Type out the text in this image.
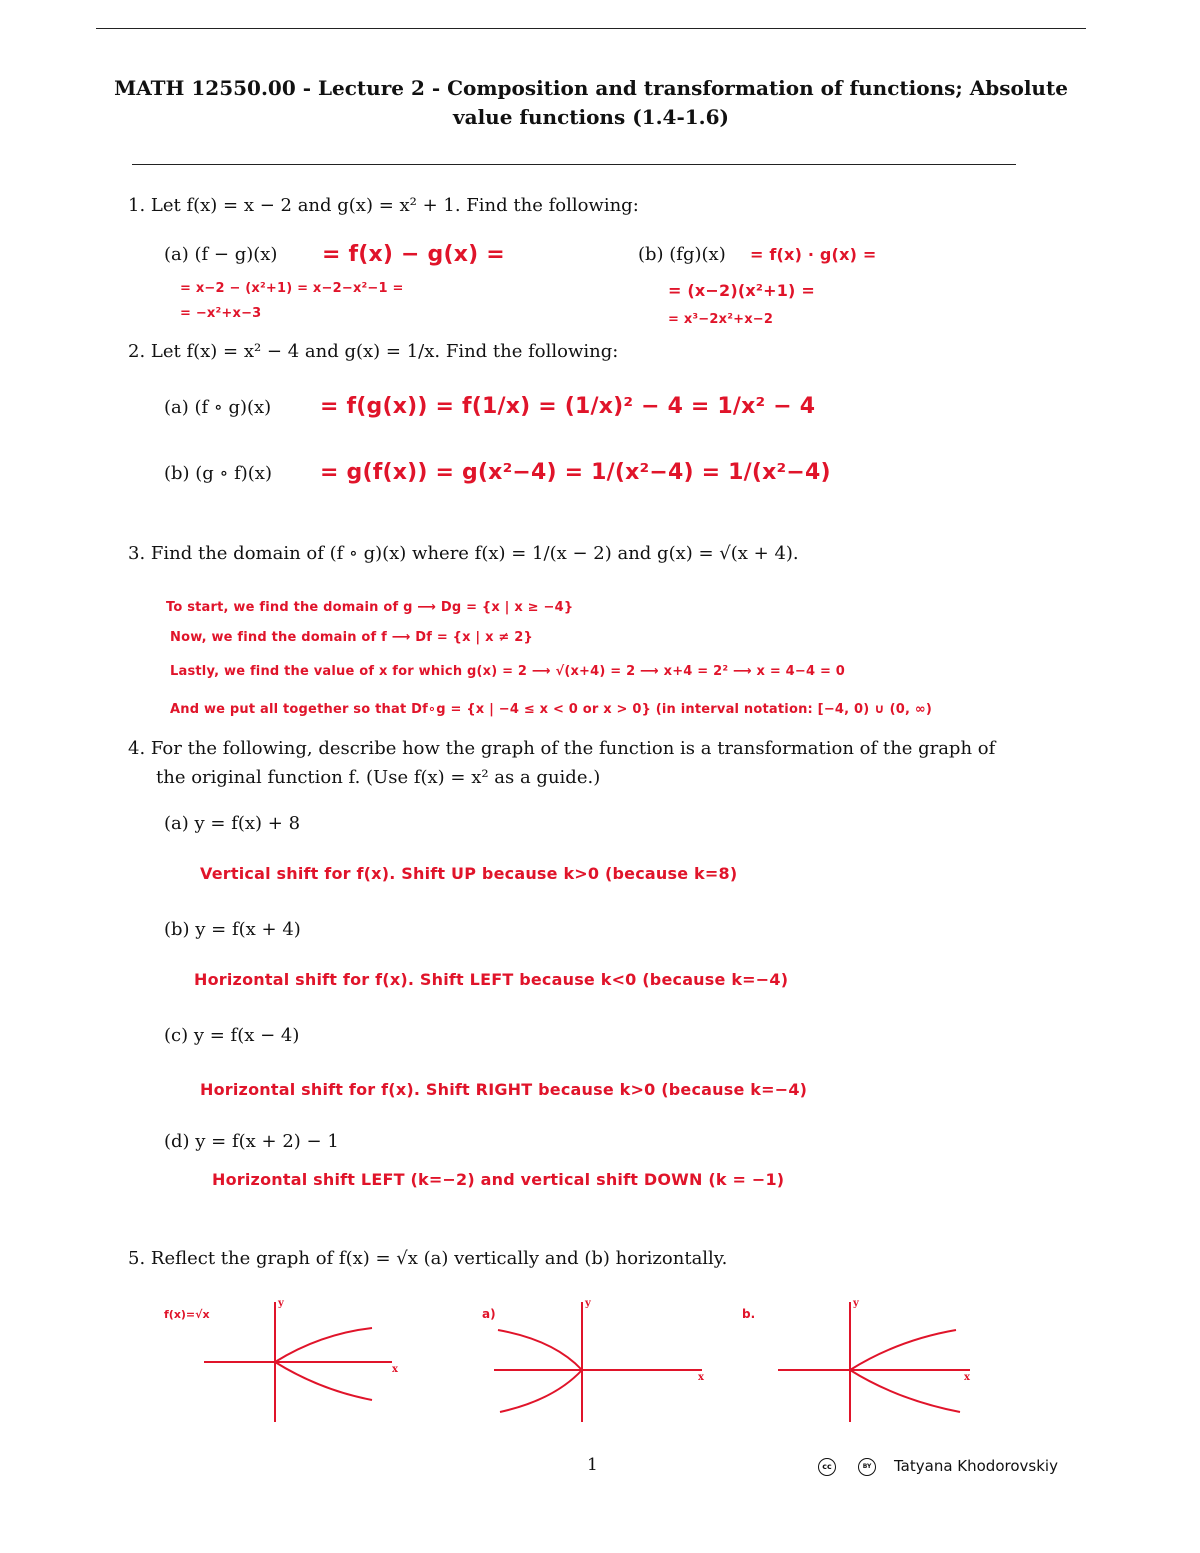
MATH 12550.00 - Lecture 2 - Composition and transformation of functions; Absolute
value functions (1.4-1.6)
1. Let f(x) = x − 2 and g(x) = x² + 1. Find the following:
(a) (f − g)(x) = f(x) − g(x) =
= x−2 − (x²+1) = x−2−x²−1 =
= −x²+x−3
(b) (fg)(x) = f(x) · g(x) =
= (x−2)(x²+1) =
= x³−2x²+x−2
2. Let f(x) = x² − 4 and g(x) = 1/x. Find the following:
(a) (f ∘ g)(x) = f(g(x)) = f(1/x) = (1/x)² − 4 = 1/x² − 4
(b) (g ∘ f)(x) = g(f(x)) = g(x²−4) = 1/(x²−4) = 1/(x²−4)
3. Find the domain of (f ∘ g)(x) where f(x) = 1/(x − 2) and g(x) = √(x + 4).
To start, we find the domain of g ⟶ Dg = {x | x ≥ −4}
Now, we find the domain of f ⟶ Df = {x | x ≠ 2}
Lastly, we find the value of x for which g(x) = 2 ⟶ √(x+4) = 2 ⟶ x+4 = 2² ⟶ x = 4−4 = 0
And we put all together so that Df∘g = {x | −4 ≤ x < 0 or x > 0} (in interval notation: [−4, 0) ∪ (0, ∞)
4. For the following, describe how the graph of the function is a transformation of the graph of
the original function f. (Use f(x) = x² as a guide.)
(a) y = f(x) + 8
Vertical shift for f(x). Shift UP because k>0 (because k=8)
(b) y = f(x + 4)
Horizontal shift for f(x). Shift LEFT because k<0 (because k=−4)
(c) y = f(x − 4)
Horizontal shift for f(x). Shift RIGHT because k>0 (because k=−4)
(d) y = f(x + 2) − 1
Horizontal shift LEFT (k=−2) and vertical shift DOWN (k = −1)
5. Reflect the graph of f(x) = √x (a) vertically and (b) horizontally.
f(x)=√x
y
x
a)
y
x
b.
y
x
1	cc	BY	Tatyana Khodorovskiy
